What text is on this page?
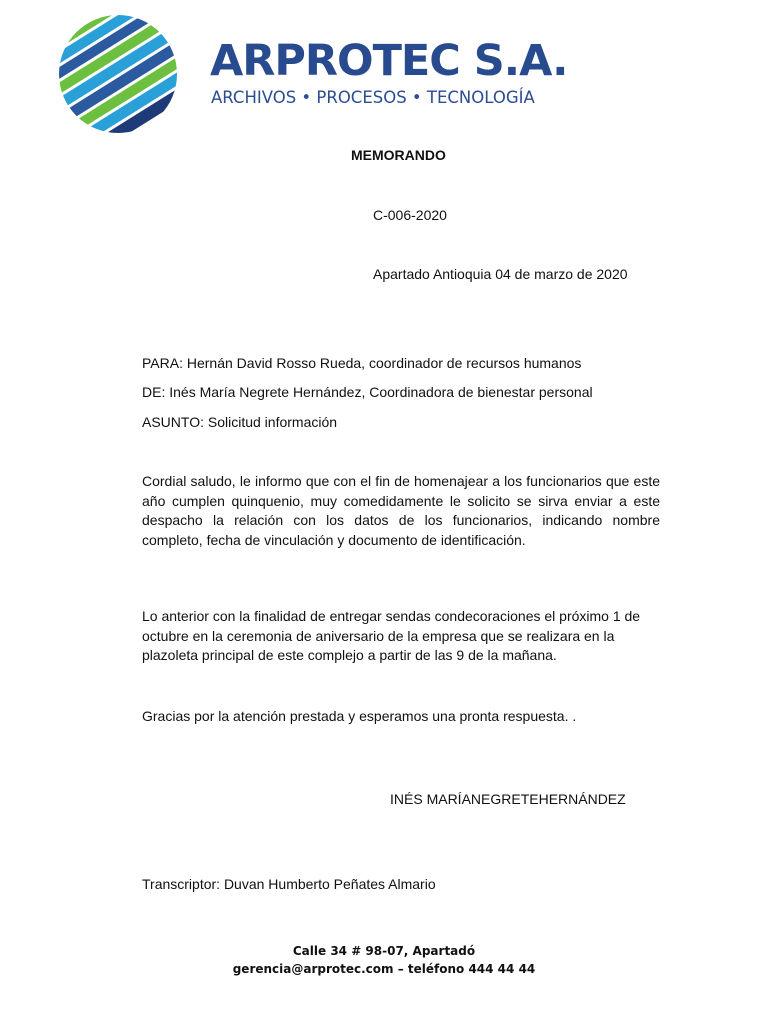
ARPROTEC S.A.
ARCHIVOS • PROCESOS • TECNOLOGÍA
MEMORANDO
C-006-2020
Apartado Antioquia 04 de marzo de 2020
PARA: Hernán David Rosso Rueda, coordinador de recursos humanos
DE: Inés María Negrete Hernández, Coordinadora de bienestar personal
ASUNTO: Solicitud información
Cordial saludo, le informo que con el fin de homenajear a los funcionarios que este año cumplen quinquenio, muy comedidamente le solicito se sirva enviar a este despacho la relación con los datos de los funcionarios, indicando nombre completo, fecha de vinculación y documento de identificación.
Lo anterior con la finalidad de entregar sendas condecoraciones el próximo 1 de octubre en la ceremonia de aniversario de la empresa que se realizara en la plazoleta principal de este complejo a partir de las 9 de la mañana.
Gracias por la atención prestada y esperamos una pronta respuesta. .
INÉS MARÍANEGRETEHERNÁNDEZ
Transcriptor: Duvan Humberto Peñates Almario
Calle 34 # 98-07, Apartadó
gerencia@arprotec.com – teléfono 444 44 44
